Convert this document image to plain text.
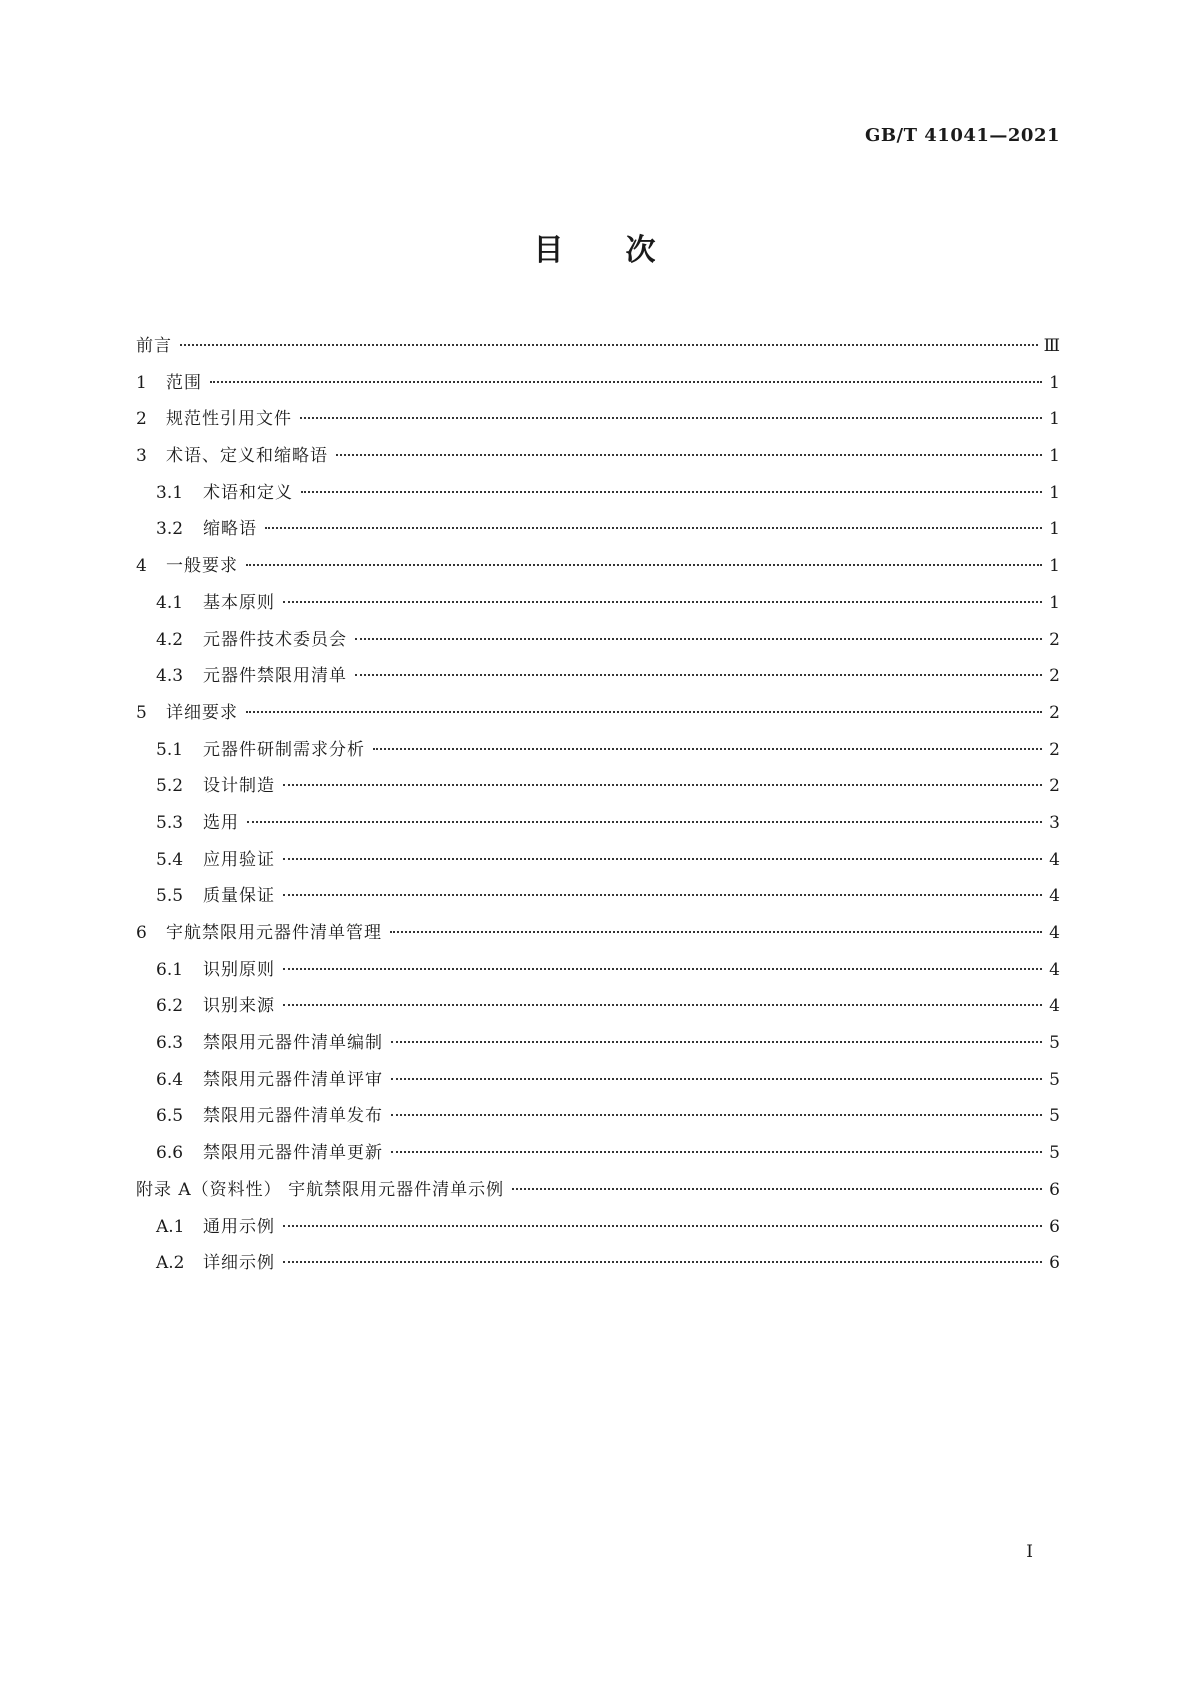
GB/T 41041—2021
目 次
前言	Ⅲ
1	范围	1
2	规范性引用文件	1
3	术语、定义和缩略语	1
3.1	术语和定义	1
3.2	缩略语	1
4	一般要求	1
4.1	基本原则	1
4.2	元器件技术委员会	2
4.3	元器件禁限用清单	2
5	详细要求	2
5.1	元器件研制需求分析	2
5.2	设计制造	2
5.3	选用	3
5.4	应用验证	4
5.5	质量保证	4
6	宇航禁限用元器件清单管理	4
6.1	识别原则	4
6.2	识别来源	4
6.3	禁限用元器件清单编制	5
6.4	禁限用元器件清单评审	5
6.5	禁限用元器件清单发布	5
6.6	禁限用元器件清单更新	5
附录 A（资料性） 宇航禁限用元器件清单示例	6
A.1	通用示例	6
A.2	详细示例	6
I
